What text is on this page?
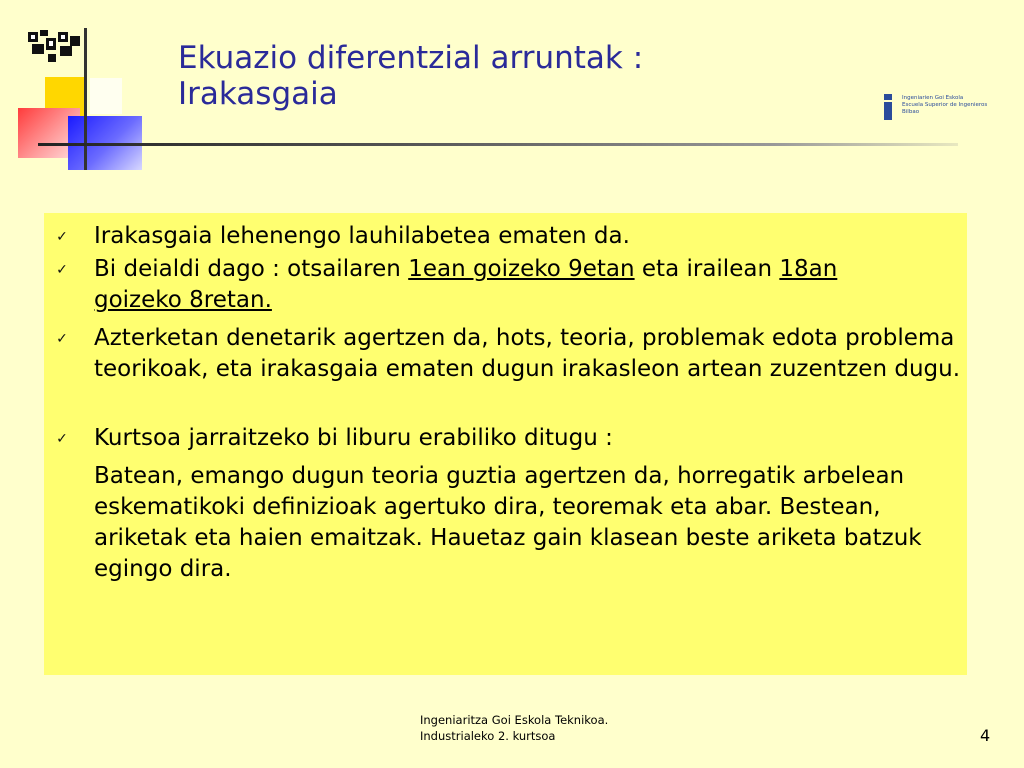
Ekuazio diferentzial arruntak :
Irakasgaia	Ingeniarien Goi Eskola
Escuela Superior de Ingenieros
Bilbao
✓ Irakasgaia lehenengo lauhilabetea ematen da.
✓ Bi deialdi dago : otsailaren 1ean goizeko 9etan eta irailean 18an
goizeko 8retan.
✓ Azterketan denetarik agertzen da, hots, teoria, problemak edota problema teorikoak, eta irakasgaia ematen dugun irakasleon artean zuzentzen dugu.
✓ Kurtsoa jarraitzeko bi liburu erabiliko ditugu :
Batean, emango dugun teoria guztia agertzen da, horregatik arbelean eskematikoki definizioak agertuko dira, teoremak eta abar. Bestean, ariketak eta haien emaitzak. Hauetaz gain klasean beste ariketa batzuk egingo dira.
Ingeniaritza Goi Eskola Teknikoa.
Industrialeko 2. kurtsoa	4
